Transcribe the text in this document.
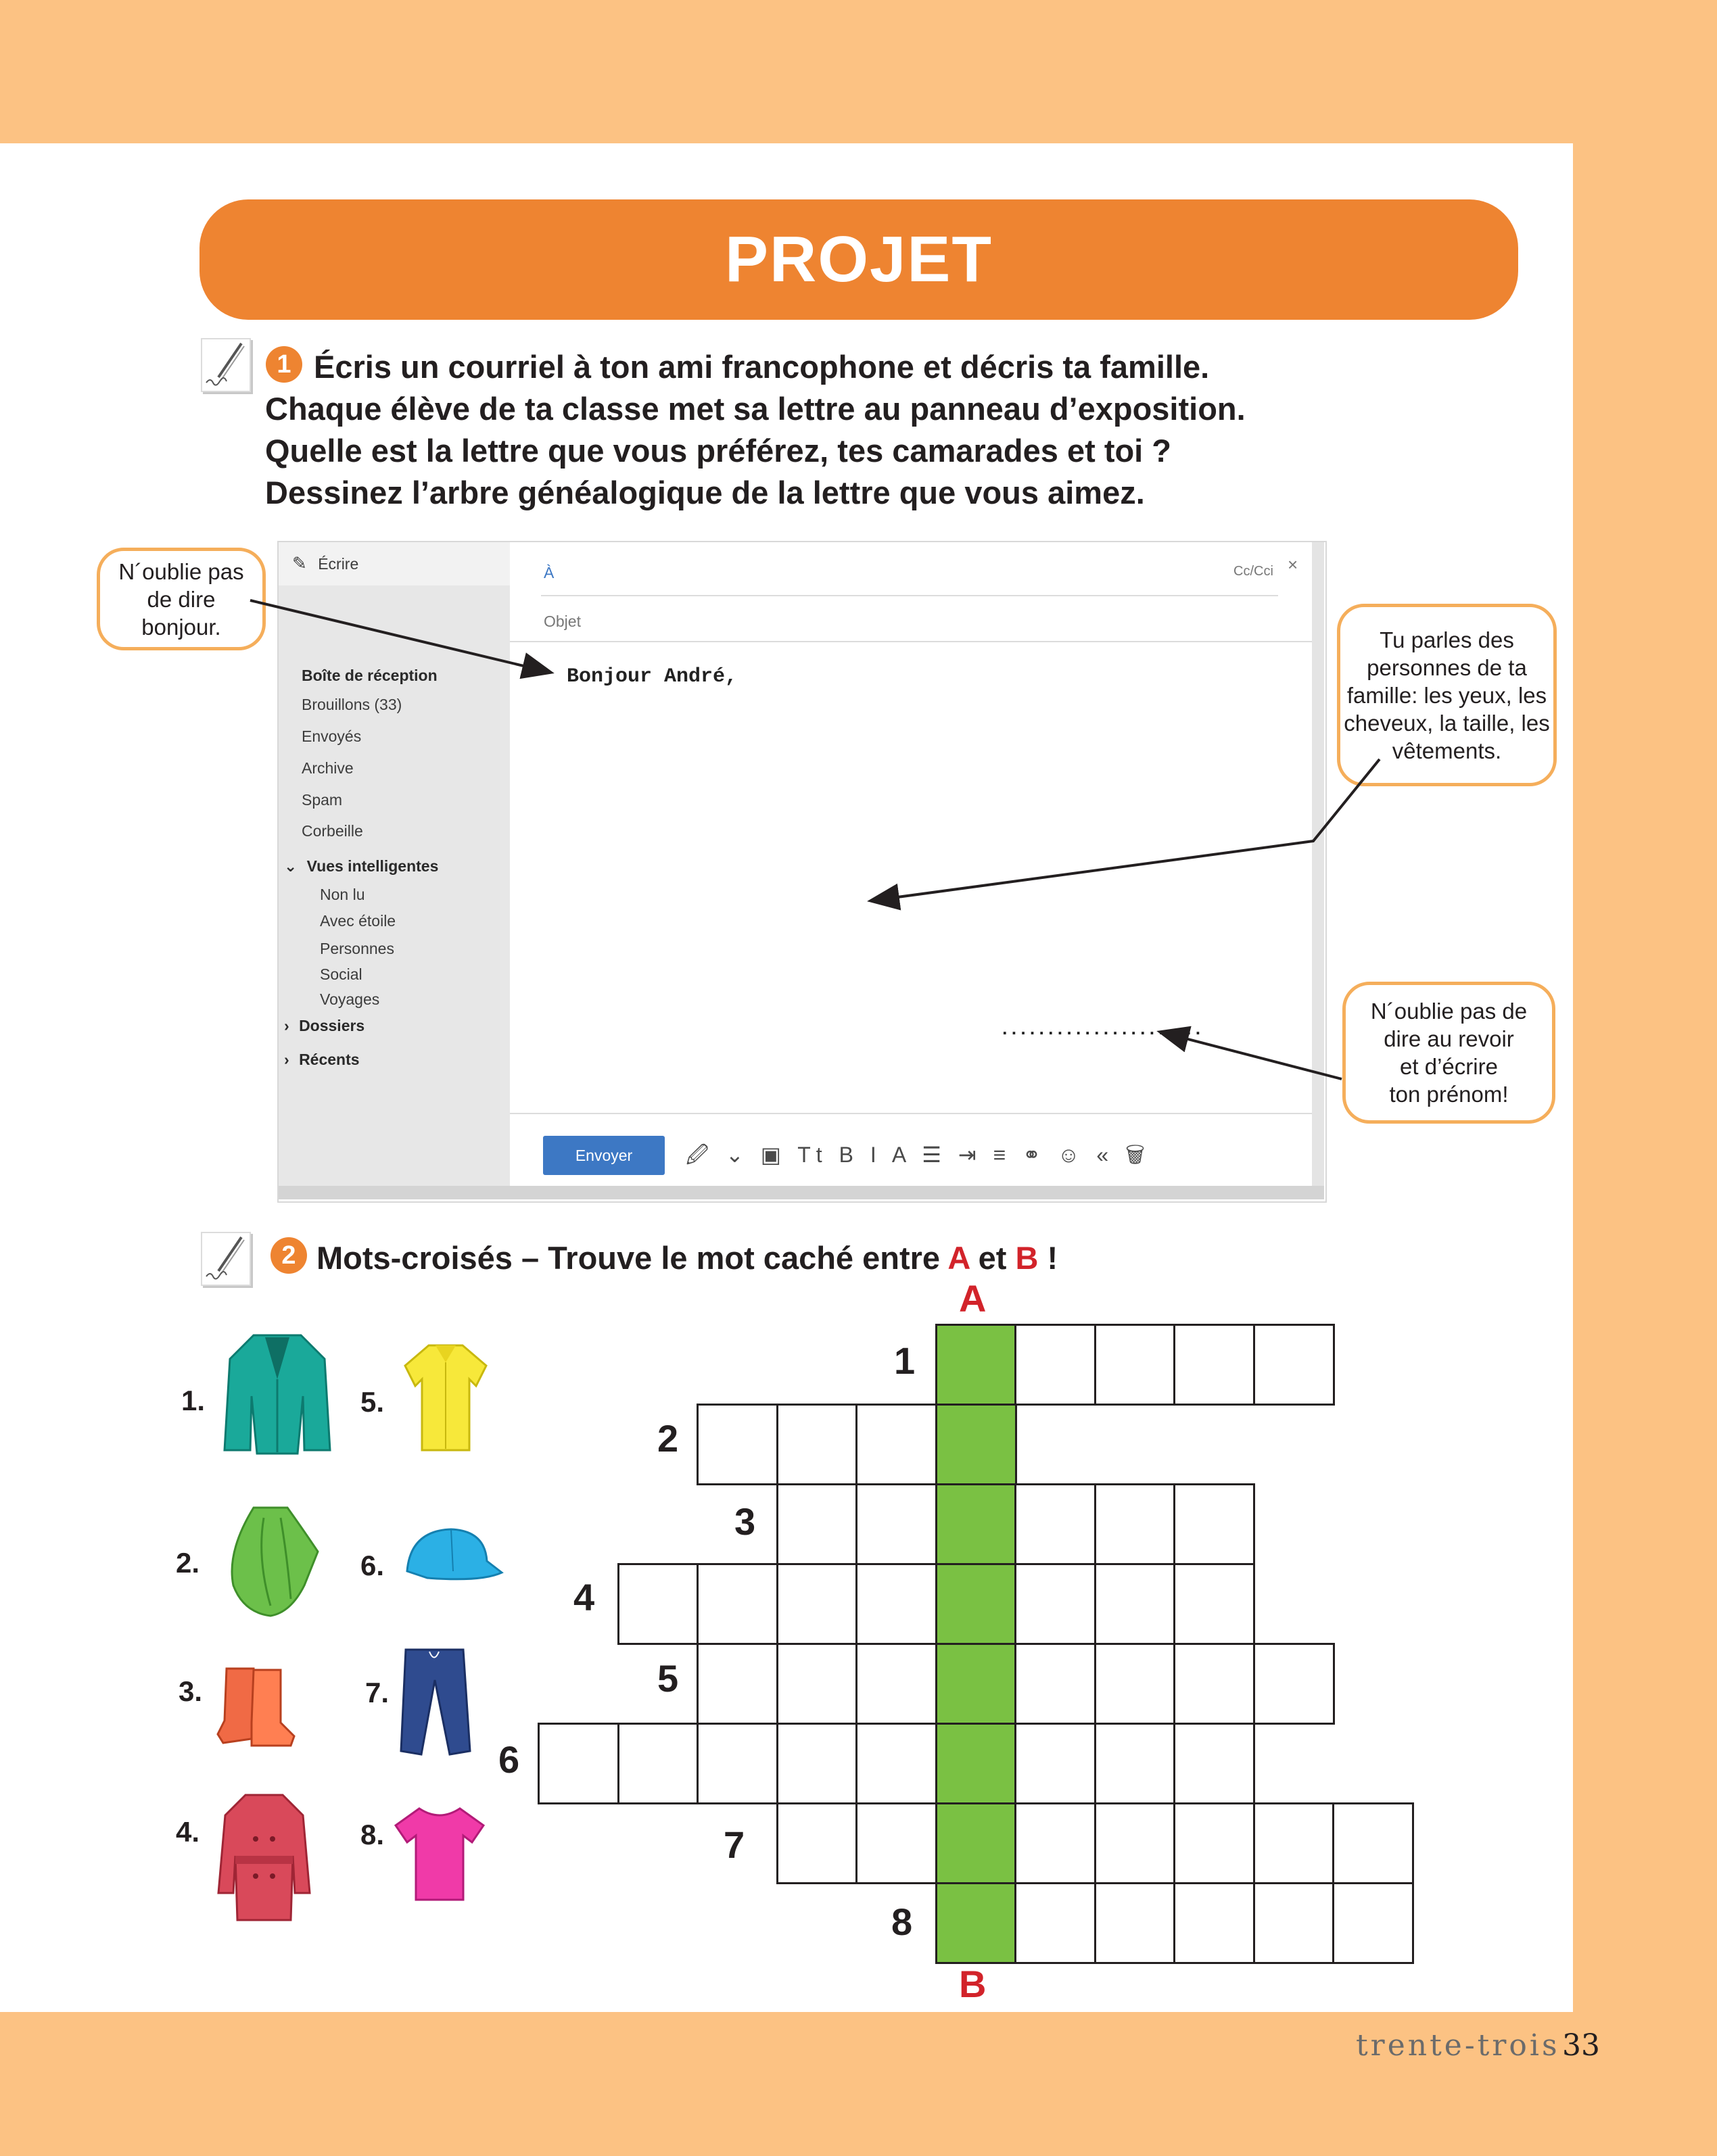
PROJET
1 Écris un courriel à ton ami francophone et décris ta famille.
Chaque élève de ta classe met sa lettre au panneau d’exposition.
Quelle est la lettre que vous préférez, tes camarades et toi ?
Dessinez l’arbre généalogique de la lettre que vous aimez.
✎ Écrire
Boîte de réception
Brouillons (33)
Envoyés
Archive
Spam
Corbeille
⌄ Vues intelligentes
Non lu
Avec étoile
Personnes
Social
Voyages
› Dossiers
› Récents
À	Cc/Cci ×
Objet
Bonjour André,
......................
Envoyer	🖉 ⌄ ▣ Tt B I A ☰ ⇥ ≡ ⚭ ☺ « 🗑
N´oublie pas
de dire
bonjour.
Tu parles des
personnes de ta
famille: les yeux, les
cheveux, la taille, les
vêtements.
N´oublie pas de
dire au revoir
et d’écrire
ton prénom!
2 Mots-croisés – Trouve le mot caché entre A et B !
1.	5.
2.	6.
3.	7.
4.	8.
A
B
1
2
3
4
5
6
7
8
trente-trois 33
